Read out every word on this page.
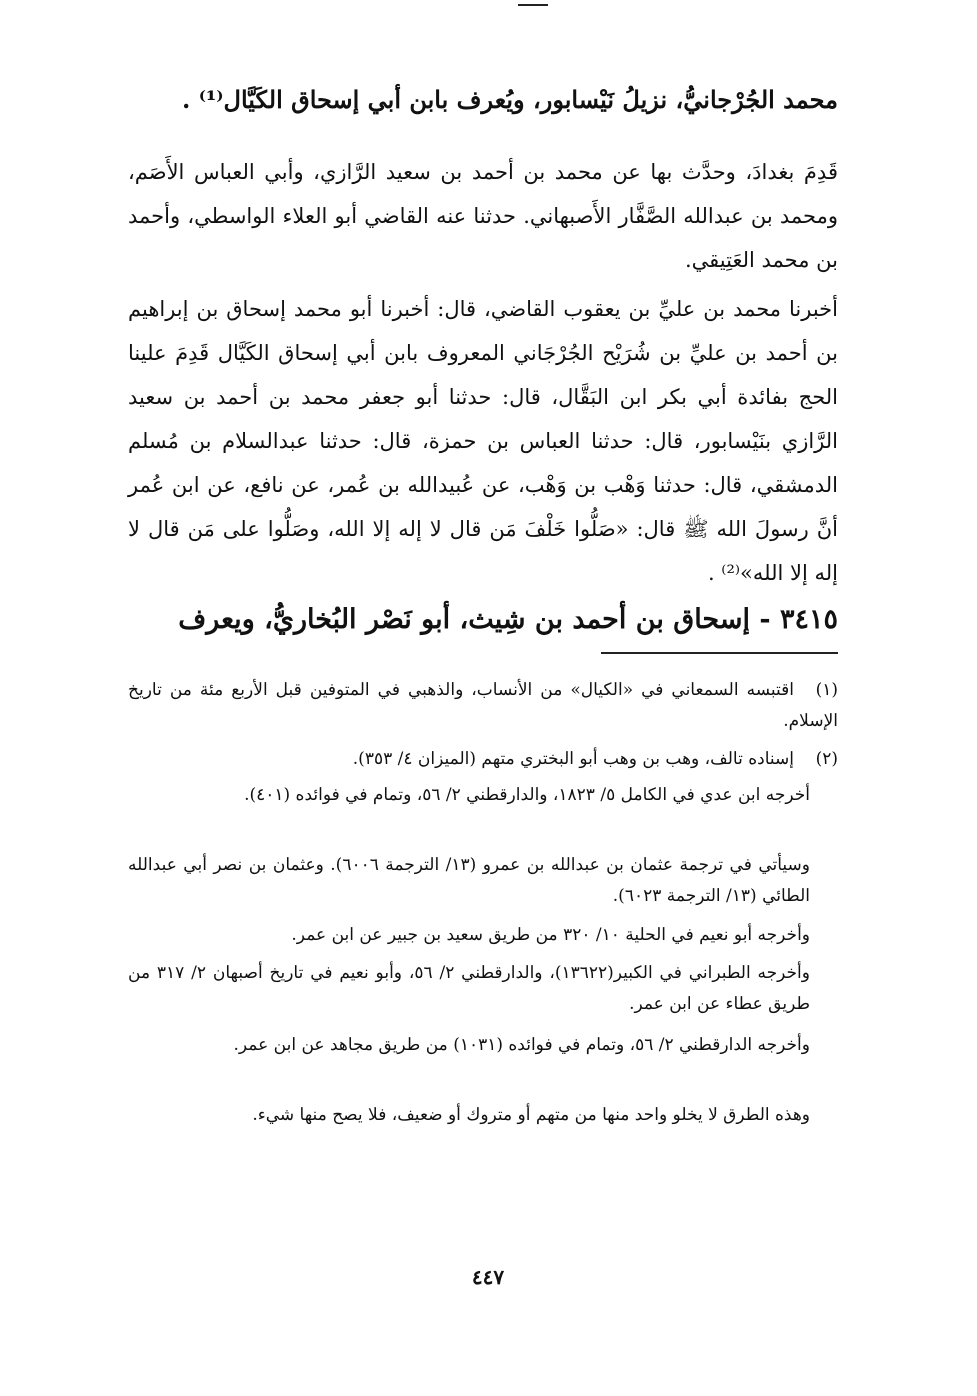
محمد الجُرْجانيُّ، نزيلُ نَيْسابور، ويُعرف بابن أبي إسحاق الكَيَّال⁽¹⁾ .
قَدِمَ بغدادَ، وحدَّث بها عن محمد بن أحمد بن سعيد الرَّازي، وأبي العباس الأَصَم، ومحمد بن عبدالله الصَّفَّار الأَصبهاني. حدثنا عنه القاضي أبو العلاء الواسطي، وأحمد بن محمد العَتِيقي.
أخبرنا محمد بن عليِّ بن يعقوب القاضي، قال: أخبرنا أبو محمد إسحاق بن إبراهيم بن أحمد بن عليِّ بن شُرَيْح الجُرْجَاني المعروف بابن أبي إسحاق الكَيَّال قَدِمَ علينا الحج بفائدة أبي بكر ابن البَقَّال، قال: حدثنا أبو جعفر محمد بن أحمد بن سعيد الرَّازي بنَيْسابور، قال: حدثنا العباس بن حمزة، قال: حدثنا عبدالسلام بن مُسلم الدمشقي، قال: حدثنا وَهْب بن وَهْب، عن عُبيدالله بن عُمر، عن نافع، عن ابن عُمر أنَّ رسولَ الله ﷺ قال: «صَلُّوا خَلْفَ مَن قال لا إله إلا الله، وصَلُّوا على مَن قال لا إله إلا الله»⁽²⁾ .
٣٤١٥ - إسحاق بن أحمد بن شِيث، أبو نَصْر البُخاريُّ، ويعرف
(١)اقتبسه السمعاني في «الكيال» من الأنساب، والذهبي في المتوفين قبل الأربع مئة من تاريخ الإسلام.
(٢)إسناده تالف، وهب بن وهب أبو البختري متهم (الميزان ٤/ ٣٥٣).
أخرجه ابن عدي في الكامل ٥/ ١٨٢٣، والدارقطني ٢/ ٥٦، وتمام في فوائده (٤٠١).
وسيأتي في ترجمة عثمان بن عبدالله بن عمرو (١٣/ الترجمة ٦٠٠٦). وعثمان بن نصر أبي عبدالله الطائي (١٣/ الترجمة ٦٠٢٣).
وأخرجه أبو نعيم في الحلية ١٠/ ٣٢٠ من طريق سعيد بن جبير عن ابن عمر.
وأخرجه الطبراني في الكبير(١٣٦٢٢)، والدارقطني ٢/ ٥٦، وأبو نعيم في تاريخ أصبهان ٢/ ٣١٧ من طريق عطاء عن ابن عمر.
وأخرجه الدارقطني ٢/ ٥٦، وتمام في فوائده (١٠٣١) من طريق مجاهد عن ابن عمر.
وهذه الطرق لا يخلو واحد منها من متهم أو متروك أو ضعيف، فلا يصح منها شيء.
٤٤٧
